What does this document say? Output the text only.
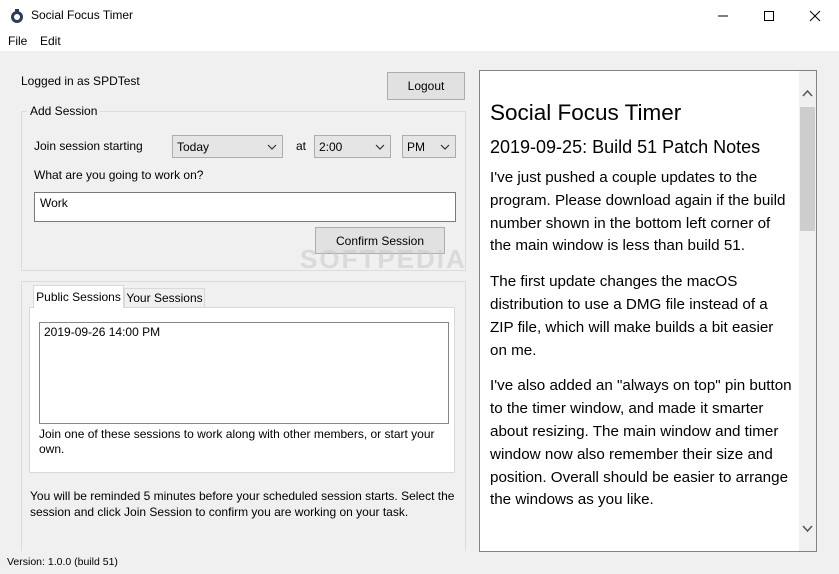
Social Focus Timer
File Edit
Logged in as SPDTest	Logout
Add Session
Join session starting	Today	at 2:00	PM
What are you going to work on?
Work
Confirm Session
Public Sessions Your Sessions
2019-09-26 14:00 PM
Join one of these sessions to work along with other members, or start your own.
You will be reminded 5 minutes before your scheduled session starts. Select the session and click Join Session to confirm you are working on your task.
SOFTPEDIA
Version: 1.0.0 (build 51)
Social Focus Timer
2019-09-25: Build 51 Patch Notes

I've just pushed a couple updates to the program. Please download again if the build number shown in the bottom left corner of the main window is less than build 51.

The first update changes the macOS distribution to use a DMG file instead of a ZIP file, which will make builds a bit easier on me.

I've also added an "always on top" pin button to the timer window, and made it smarter about resizing. The main window and timer window now also remember their size and position. Overall should be easier to arrange the windows as you like.
